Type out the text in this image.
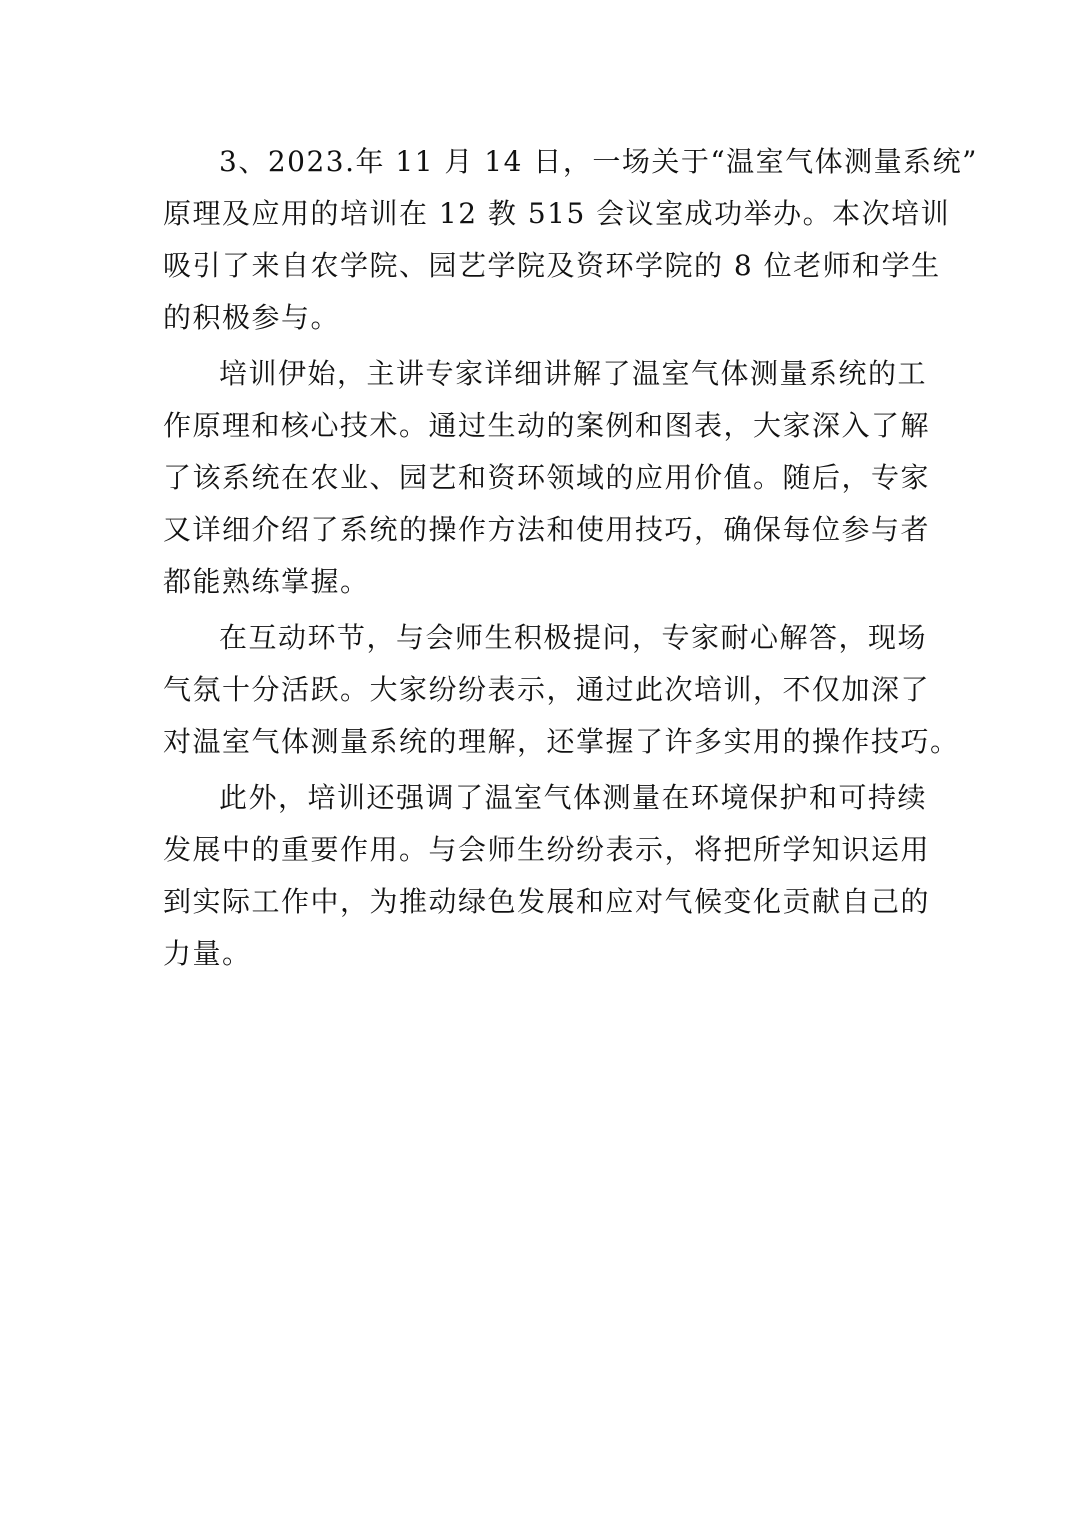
3、2023.年 11 月 14 日，一场关于“温室气体测量系统”
原理及应用的培训在 12 教 515 会议室成功举办。本次培训
吸引了来自农学院、园艺学院及资环学院的 8 位老师和学生
的积极参与。

培训伊始，主讲专家详细讲解了温室气体测量系统的工
作原理和核心技术。通过生动的案例和图表，大家深入了解
了该系统在农业、园艺和资环领域的应用价值。随后，专家
又详细介绍了系统的操作方法和使用技巧，确保每位参与者
都能熟练掌握。

在互动环节，与会师生积极提问，专家耐心解答，现场
气氛十分活跃。大家纷纷表示，通过此次培训，不仅加深了
对温室气体测量系统的理解，还掌握了许多实用的操作技巧。

此外，培训还强调了温室气体测量在环境保护和可持续
发展中的重要作用。与会师生纷纷表示，将把所学知识运用
到实际工作中，为推动绿色发展和应对气候变化贡献自己的
力量。
